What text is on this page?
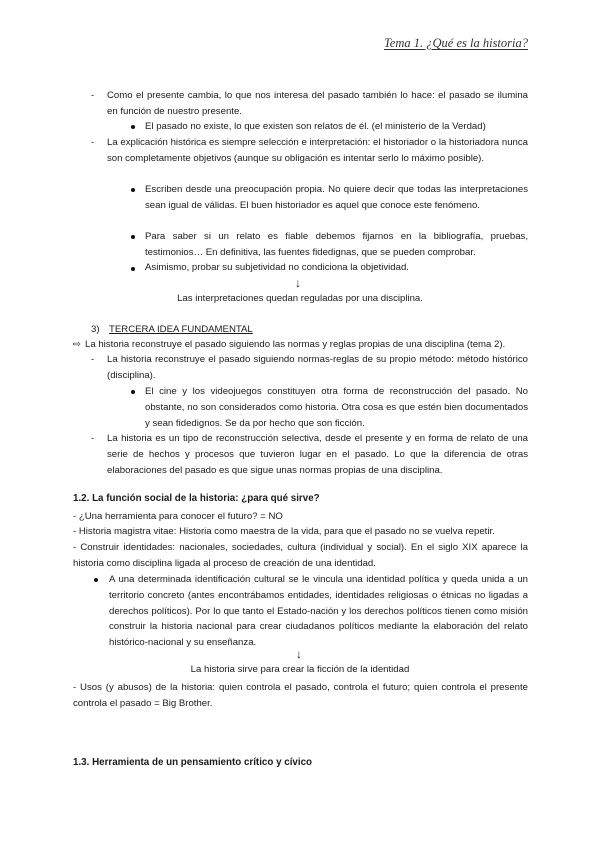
Tema 1. ¿Qué es la historia?
- Como el presente cambia, lo que nos interesa del pasado también lo hace: el pasado se ilumina en función de nuestro presente.

El pasado no existe, lo que existen son relatos de él. (el ministerio de la Verdad)

- La explicación histórica es siempre selección e interpretación: el historiador o la historiadora nunca son completamente objetivos (aunque su obligación es intentar serlo lo máximo posible).

Escriben desde una preocupación propia. No quiere decir que todas las interpretaciones sean igual de válidas. El buen historiador es aquel que conoce este fenómeno.

Para saber si un relato es fiable debemos fijarnos en la bibliografía, pruebas, testimonios… En definitiva, las fuentes fidedignas, que se pueden comprobar.

Asimismo, probar su subjetividad no condiciona la objetividad.

↓
Las interpretaciones quedan reguladas por una disciplina.
3) TERCERA IDEA FUNDAMENTAL
⇨ La historia reconstruye el pasado siguiendo las normas y reglas propias de una disciplina (tema 2).

- La historia reconstruye el pasado siguiendo normas-reglas de su propio método: método histórico (disciplina).

El cine y los videojuegos constituyen otra forma de reconstrucción del pasado. No obstante, no son considerados como historia. Otra cosa es que estén bien documentados y sean fidedignos. Se da por hecho que son ficción.

- La historia es un tipo de reconstrucción selectiva, desde el presente y en forma de relato de una serie de hechos y procesos que tuvieron lugar en el pasado. Lo que la diferencia de otras elaboraciones del pasado es que sigue unas normas propias de una disciplina.

1.2. La función social de la historia: ¿para qué sirve?

- ¿Una herramienta para conocer el futuro? = NO

- Historia magistra vitae: Historia como maestra de la vida, para que el pasado no se vuelva repetir.

- Construir identidades: nacionales, sociedades, cultura (individual y social). En el siglo XIX aparece la historia como disciplina ligada al proceso de creación de una identidad.

A una determinada identificación cultural se le vincula una identidad política y queda unida a un territorio concreto (antes encontrábamos entidades, identidades religiosas o étnicas no ligadas a derechos políticos). Por lo que tanto el Estado-nación y los derechos políticos tienen como misión construir la historia nacional para crear ciudadanos políticos mediante la elaboración del relato histórico-nacional y su enseñanza.

↓
La historia sirve para crear la ficción de la identidad

- Usos (y abusos) de la historia: quien controla el pasado, controla el futuro; quien controla el presente controla el pasado = Big Brother.

1.3. Herramienta de un pensamiento crítico y cívico
